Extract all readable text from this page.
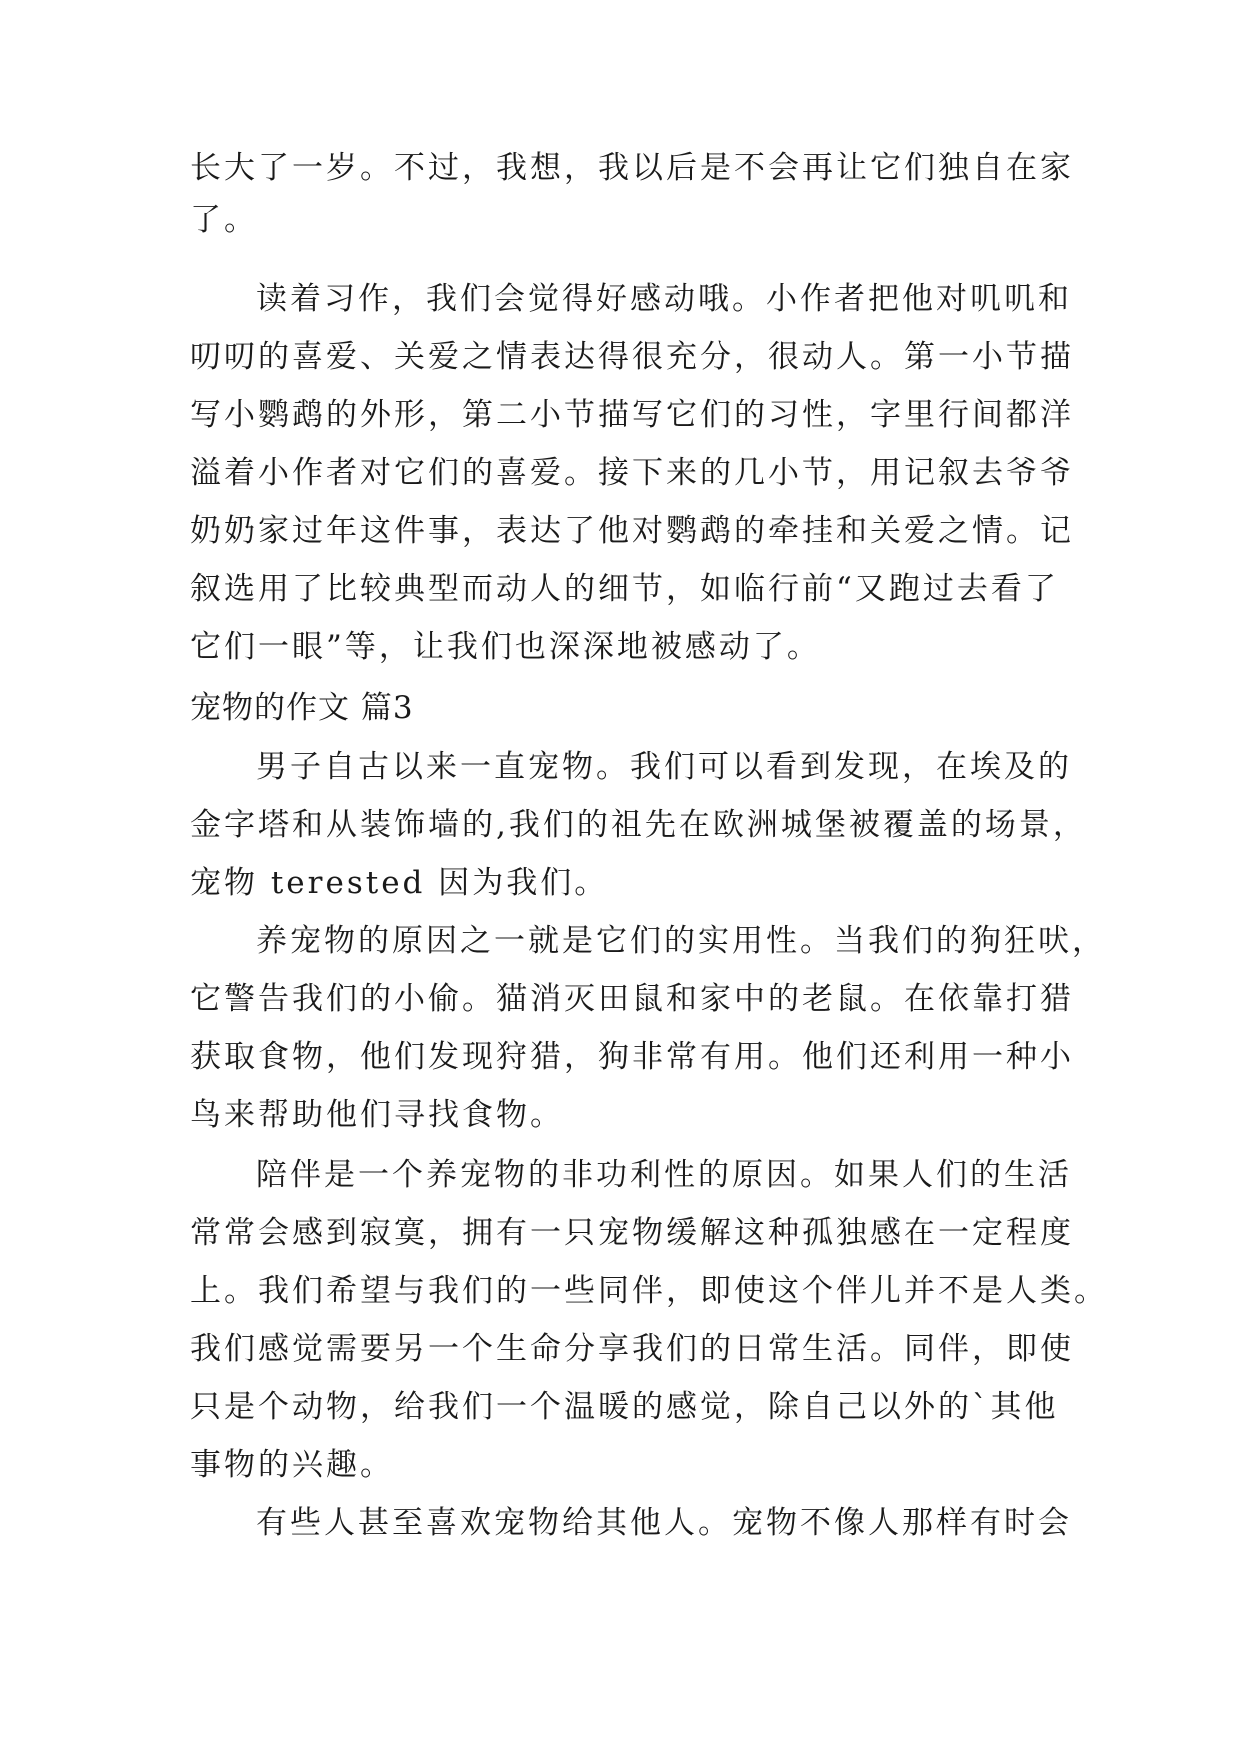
长大了一岁。不过，我想，我以后是不会再让它们独自在家
了。
读着习作，我们会觉得好感动哦。小作者把他对叽叽和
叨叨的喜爱、关爱之情表达得很充分，很动人。第一小节描
写小鹦鹉的外形，第二小节描写它们的习性，字里行间都洋
溢着小作者对它们的喜爱。接下来的几小节，用记叙去爷爷
奶奶家过年这件事，表达了他对鹦鹉的牵挂和关爱之情。记
叙选用了比较典型而动人的细节，如临行前“又跑过去看了
它们一眼”等，让我们也深深地被感动了。
宠物的作文 篇3
男子自古以来一直宠物。我们可以看到发现，在埃及的
金字塔和从装饰墙的,我们的祖先在欧洲城堡被覆盖的场景，
宠物 terested 因为我们。
养宠物的原因之一就是它们的实用性。当我们的狗狂吠，
它警告我们的小偷。猫消灭田鼠和家中的老鼠。在依靠打猎
获取食物，他们发现狩猎，狗非常有用。他们还利用一种小
鸟来帮助他们寻找食物。
陪伴是一个养宠物的非功利性的原因。如果人们的生活
常常会感到寂寞，拥有一只宠物缓解这种孤独感在一定程度
上。我们希望与我们的一些同伴，即使这个伴儿并不是人类。
我们感觉需要另一个生命分享我们的日常生活。同伴，即使
只是个动物，给我们一个温暖的感觉，除自己以外的`其他
事物的兴趣。
有些人甚至喜欢宠物给其他人。宠物不像人那样有时会
